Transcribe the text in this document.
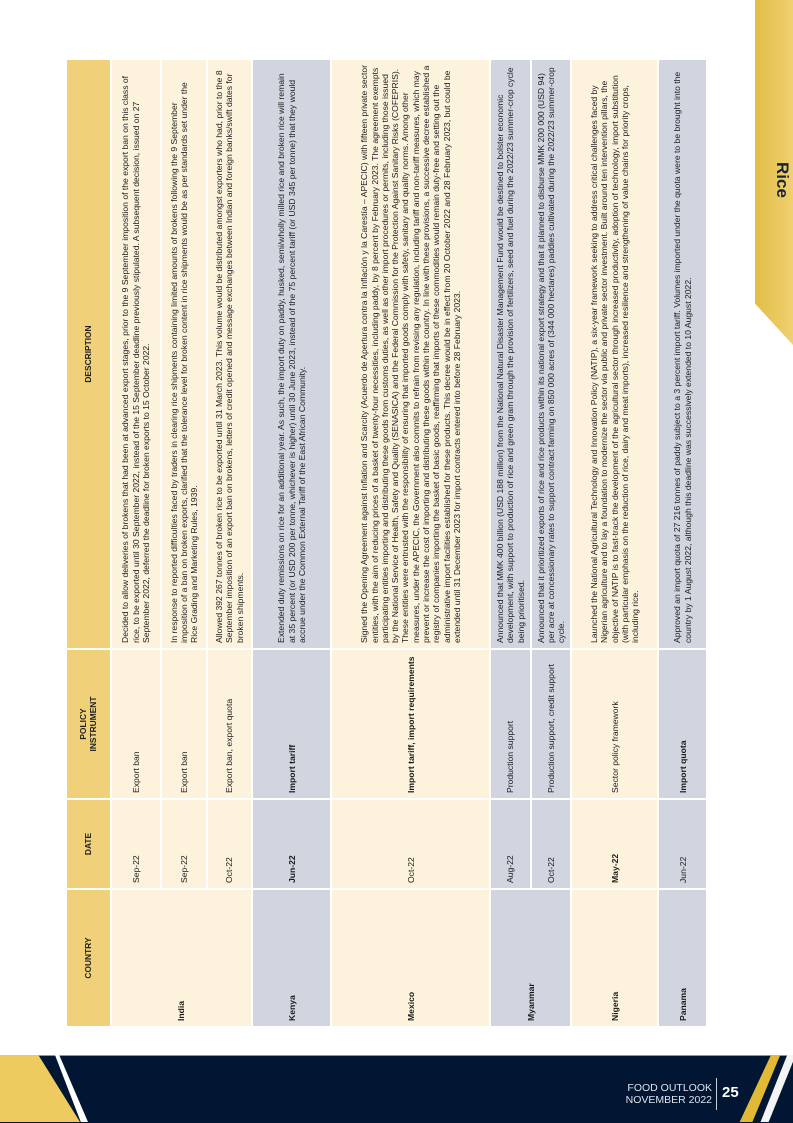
Rice
COUNTRY	DATE	POLICY INSTRUMENT	DESCRIPTION
India	Sep-22	Export ban	Decided to allow deliveries of brokens that had been at advanced export stages, prior to the 9 September imposition of the export ban on this class of rice, to be exported until 30 September 2022, instead of the 15 September deadline previously stipulated. A subsequent decision, issued on 27 September 2022, deferred the deadline for broken exports to 15 October 2022.
	Sep-22	Export ban	In response to reported difficulties faced by traders in clearing rice shipments containing limited amounts of brokens following the 9 September imposition of a ban on broken exports, clarified that the tolerance level for broken content in rice shipments would be as per standards set under the Rice Grading and Marketing Rules, 1939.
	Oct-22	Export ban, export quota	Allowed 392 267 tonnes of broken rice to be exported until 31 March 2023. This volume would be distributed amongst exporters who had, prior to the 8 September imposition of an export ban on brokens, letters of credit opened and message exchanges between Indian and foreign banks/swift dates for broken shipments.
Kenya	Jun-22	Import tariff	Extended duty remissions on rice for an additional year. As such, the import duty on paddy, husked, semi/wholly milled rice and broken rice will remain at 35 percent (or USD 200 per tonne, whichever is higher) until 30 June 2023, instead of the 75 percent tariff (or USD 345 per tonne) that they would accrue under the Common External Tariff of the East African Community.
Mexico	Oct-22	Import tariff, import requirements	Signed the Opening Agreement against Inflation and Scarcity (Acuerdo de Apertura contra la Inflación y la Carestía – APECIC) with fifteen private sector entities, with the aim of reducing prices of a basket of twenty-four necessities, including paddy, by 8 percent by February 2023. The agreement exempts participating entities importing and distributing these goods from customs duties, as well as other import procedures or permits, including those issued by the National Service of Health, Safety and Quality (SENASICA) and the Federal Commission for the Protection Against Sanitary Risks (COFEPRIS). These entities were entrusted with the responsibility of ensuring that imported goods comply with safety, sanitary and quality norms. Among other measures, under the APECIC, the Government also commits to refrain from revising any regulation, including tariff and non-tariff measures, which may prevent or increase the cost of importing and distributing these goods within the country. In line with these provisions, a successive decree established a registry of companies importing the basket of basic goods, reaffirming that imports of these commodities would remain duty-free and setting out the administrative import facilities established for these products. This decree would be in effect from 20 October 2022 and 28 February 2023, but could be extended until 31 December 2023 for import contracts entered into before 28 February 2023.
Myanmar	Aug-22	Production support	Announced that MMK 400 billion (USD 188 million) from the National Natural Disaster Management Fund would be destined to bolster economic development, with support to production of rice and green gram through the provision of fertilizers, seed and fuel during the 2022/23 summer-crop cycle being prioritised.
	Oct-22	Production support, credit support	Announced that it prioritized exports of rice and rice products within its national export strategy and that it planned to disburse MMK 200 000 (USD 94) per acre at concessionary rates to support contract farming on 850 000 acres of (344 000 hectares) paddies cultivated during the 2022/23 summer-crop cycle.
Nigeria	May-22	Sector policy framework	Launched the National Agricultural Technology and Innovation Policy (NATIP), a six-year framework seeking to address critical challenges faced by Nigerian agriculture and to lay a foundation to modernize the sector via public and private sector investment. Built around ten intervention pillars, the objective of NATIP is to fast-track the development of the agricultural sector through increased productivity, adoption of technology, import substitution (with particular emphasis on the reduction of rice, dairy and meat imports), increased resilience and strengthening of value chains for priority crops, including rice.
Panama	Jun-22	Import quota	Approved an import quota of 27 216 tonnes of paddy subject to a 3 percent import tariff. Volumes imported under the quota were to be brought into the country by 1 August 2022, although this deadline was successively extended to 10 August 2022.
FOOD OUTLOOK
NOVEMBER 2022 25
